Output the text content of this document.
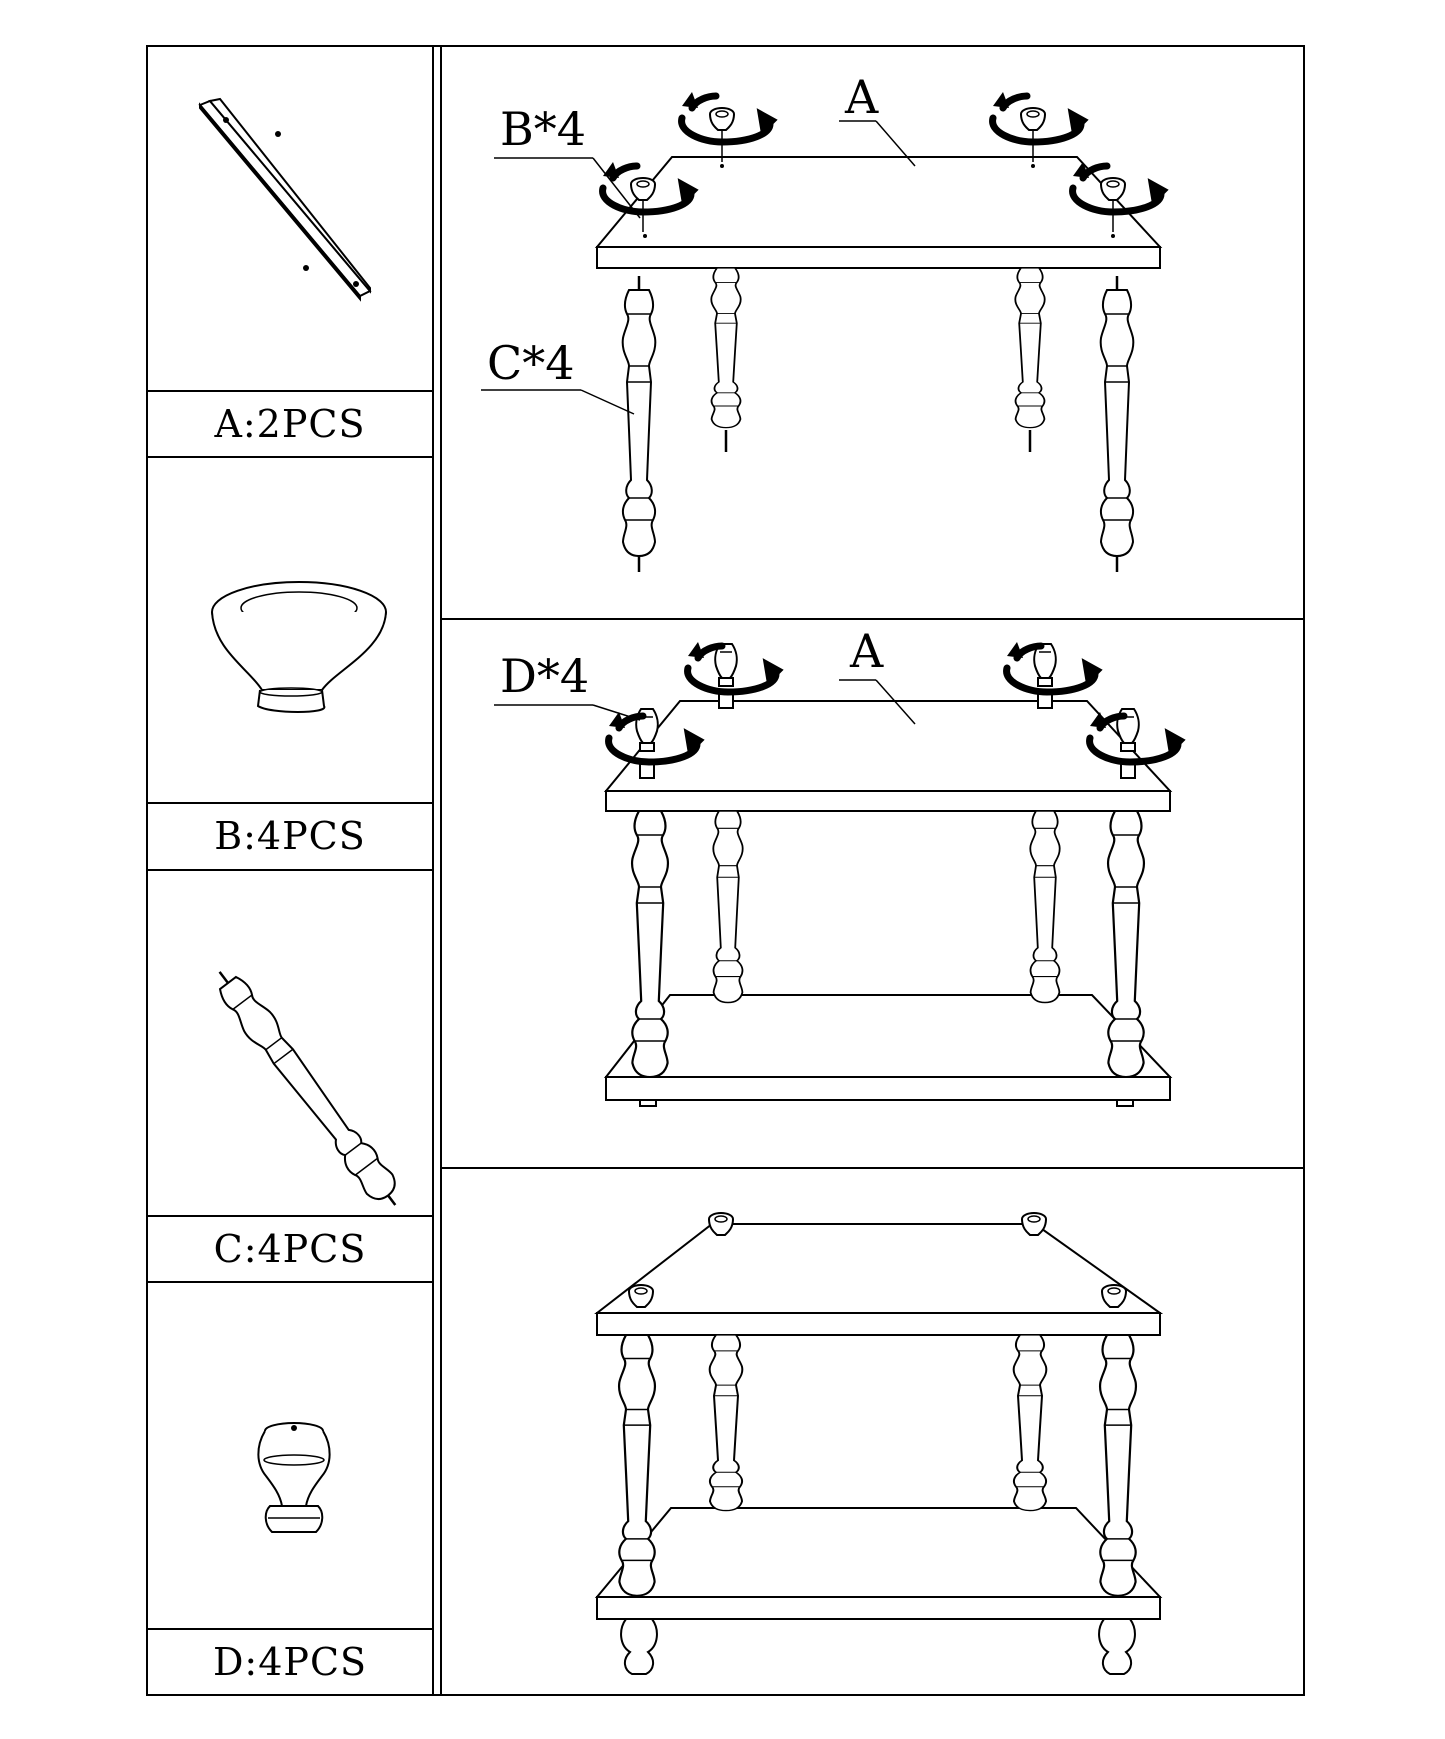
A:2PCS
B:4PCS
C:4PCS
D:4PCS
B*4
A
C*4
D*4	A
